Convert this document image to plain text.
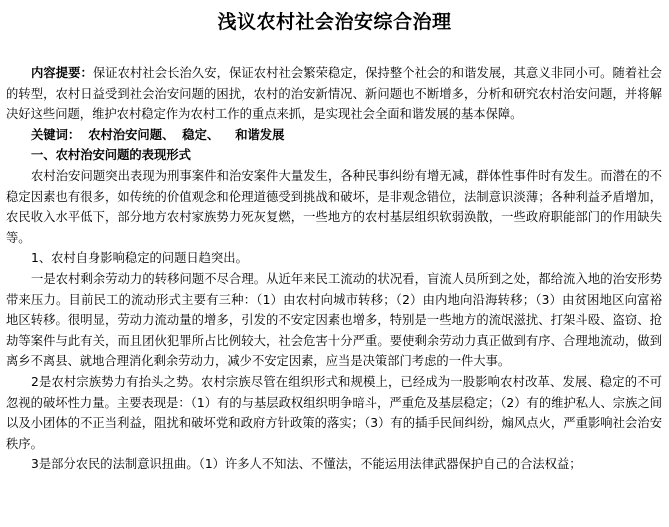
浅议农村社会治安综合治理

内容提要：保证农村社会长治久安，保证农村社会繁荣稳定，保持整个社会的和谐发展，其意义非同小可。随着社会的转型，农村日益受到社会治安问题的困扰，农村的治安新情况、新问题也不断增多，分析和研究农村治安问题，并将解决好这些问题，维护农村稳定作为农村工作的重点来抓，是实现社会全面和谐发展的基本保障。

关键词： 农村治安问题、 稳定、 和谐发展

一、农村治安问题的表现形式

农村治安问题突出表现为刑事案件和治安案件大量发生，各种民事纠纷有增无减，群体性事件时有发生。而潜在的不稳定因素也有很多，如传统的价值观念和伦理道德受到挑战和破坏，是非观念错位，法制意识淡薄；各种利益矛盾增加，农民收入水平低下，部分地方农村家族势力死灰复燃，一些地方的农村基层组织软弱涣散，一些政府职能部门的作用缺失等。

1、农村自身影响稳定的问题日趋突出。

一是农村剩余劳动力的转移问题不尽合理。从近年来民工流动的状况看，盲流人员所到之处，都给流入地的治安形势带来压力。目前民工的流动形式主要有三种：（1）由农村向城市转移；（2）由内地向沿海转移；（3）由贫困地区向富裕地区转移。很明显，劳动力流动量的增多，引发的不安定因素也增多，特别是一些地方的流氓滋扰、打架斗殴、盗窃、抢劫等案件与此有关，而且团伙犯罪所占比例较大，社会危害十分严重。要使剩余劳动力真正做到有序、合理地流动，做到离乡不离县、就地合理消化剩余劳动力，减少不安定因素，应当是决策部门考虑的一件大事。

2是农村宗族势力有抬头之势。农村宗族尽管在组织形式和规模上，已经成为一股影响农村改革、发展、稳定的不可忽视的破坏性力量。主要表现是：（1）有的与基层政权组织明争暗斗，严重危及基层稳定；（2）有的维护私人、宗族之间以及小团体的不正当利益，阻扰和破坏党和政府方针政策的落实；（3）有的插手民间纠纷，煽风点火，严重影响社会治安秩序。

3是部分农民的法制意识扭曲。（1）许多人不知法、不懂法，不能运用法律武器保护自己的合法权益；
